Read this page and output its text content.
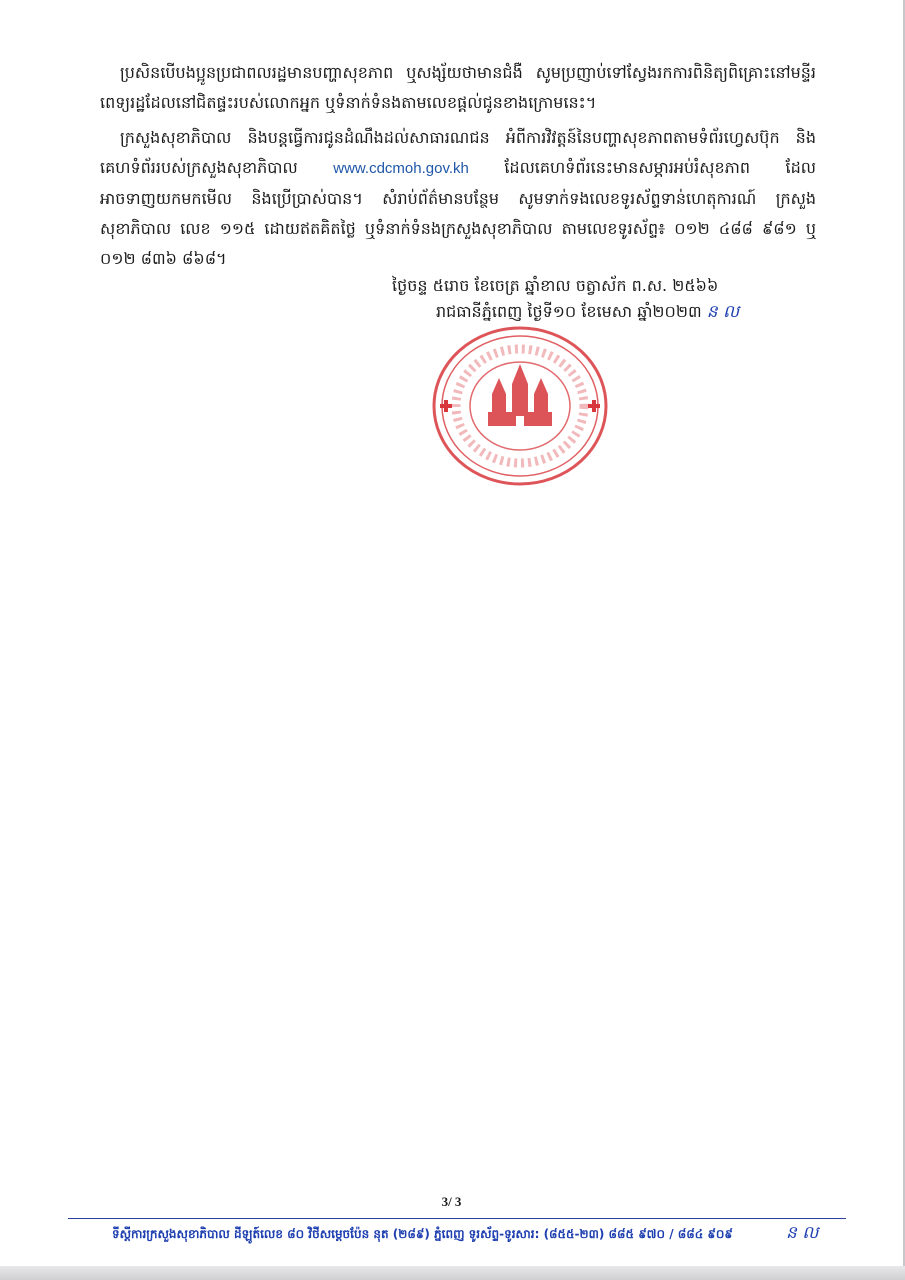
ប្រសិនបើបងប្អូនប្រជាពលរដ្ឋមានបញ្ហាសុខភាព ឬសង្ស័យថាមានជំងឺ សូមប្រញាប់ទៅស្វែងរកការពិនិត្យពិគ្រោះនៅមន្ទីរពេទ្យរដ្ឋដែលនៅជិតផ្ទះរបស់លោកអ្នក ឬទំនាក់ទំនងតាមលេខផ្តល់ជូនខាងក្រោមនេះ។

ក្រសួងសុខាភិបាល និងបន្តធ្វើការជូនដំណឹងដល់សាធារណជន អំពីការវិវត្តន៍នៃបញ្ហាសុខភាពតាមទំព័រហ្វេសប៊ុក និងគេហទំព័ររបស់ក្រសួងសុខាភិបាល www.cdcmoh.gov.kh ដែលគេហទំព័រនេះមានសម្ភារអប់រំសុខភាព ដែលអាចទាញយកមកមើល និងប្រើប្រាស់បាន។ សំរាប់ព័ត៌មានបន្ថែម សូមទាក់ទងលេខទូរស័ព្ទទាន់ហេតុការណ៍ ក្រសួងសុខាភិបាល លេខ ១១៥ ដោយឥតគិតថ្លៃ ឬទំនាក់ទំនងក្រសួងសុខាភិបាល តាមលេខទូរស័ព្ទ៖ ០១២ ៤៨៨ ៩៨១ ឬ ០១២ ៨៣៦ ៨៦៨។

ថ្ងៃចន្ទ ៥រោច ខែចេត្រ ឆ្នាំខាល ចត្វាស័ក ព.ស. ២៥៦៦
រាជធានីភ្នំពេញ ថ្ងៃទី១០ ខែមេសា ឆ្នាំ២០២៣ ន ល
3/ 3
ទីស្តីការក្រសួងសុខាភិបាល ដីឡូត៍លេខ ៨០ វិថីសម្តេចប៉ែន នុត (២៨៩) ភ្នំពេញ ទូរស័ព្ទ-ទូរសារ: (៨៥៥-២៣) ៨៨៥ ៩៧០ / ៨៨៤ ៩០៩	ន ល
